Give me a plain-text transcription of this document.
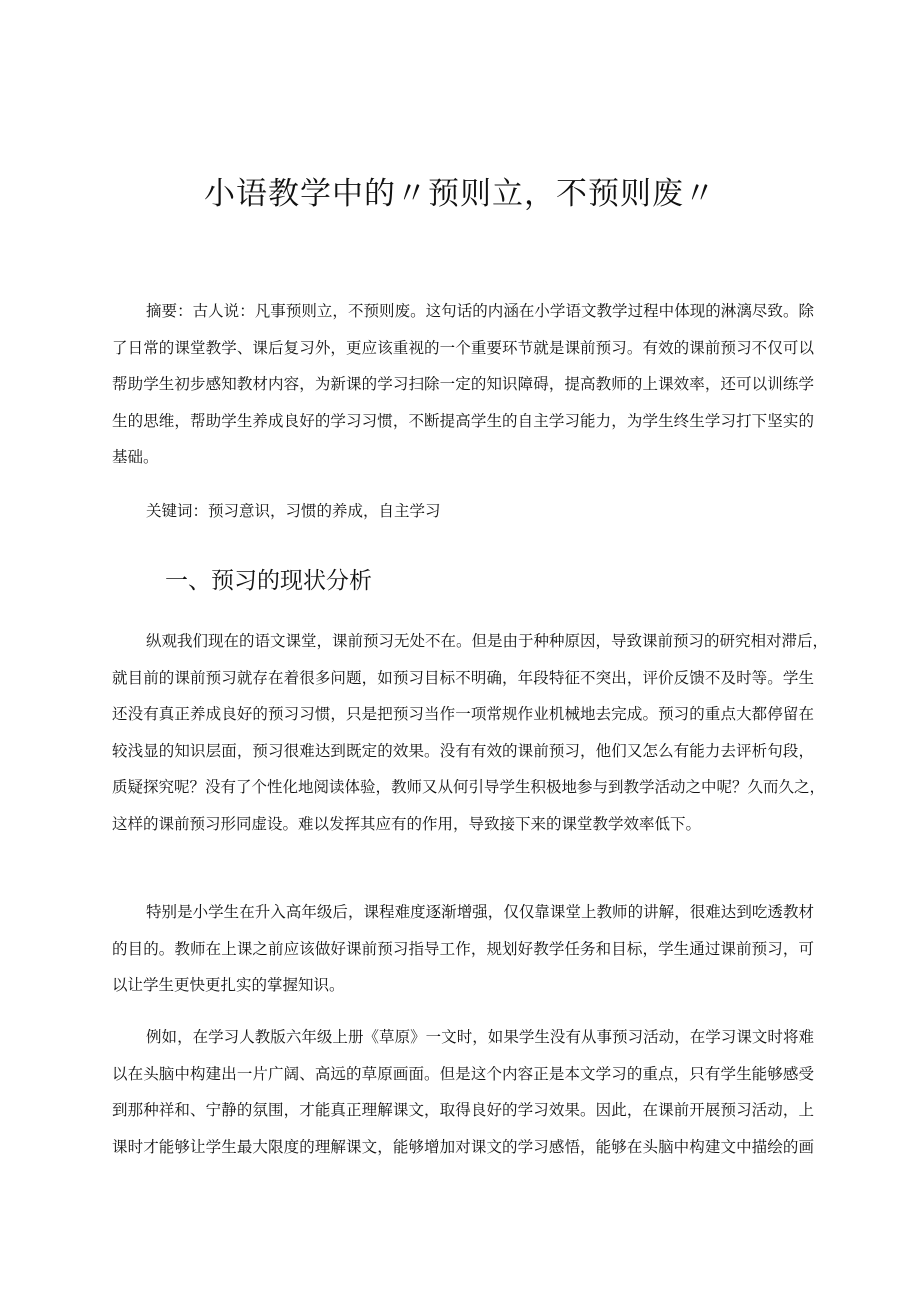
小语教学中的〃预则立，不预则废〃
摘要：古人说：凡事预则立，不预则废。这句话的内涵在小学语文教学过程中体现的淋漓尽致。除
了日常的课堂教学、课后复习外，更应该重视的一个重要环节就是课前预习。有效的课前预习不仅可以
帮助学生初步感知教材内容，为新课的学习扫除一定的知识障碍，提高教师的上课效率，还可以训练学
生的思维，帮助学生养成良好的学习习惯，不断提高学生的自主学习能力，为学生终生学习打下坚实的
基础。
关键词：预习意识，习惯的养成，自主学习
一、预习的现状分析
纵观我们现在的语文课堂，课前预习无处不在。但是由于种种原因，导致课前预习的研究相对滞后，
就目前的课前预习就存在着很多问题，如预习目标不明确，年段特征不突出，评价反馈不及时等。学生
还没有真正养成良好的预习习惯，只是把预习当作一项常规作业机械地去完成。预习的重点大都停留在
较浅显的知识层面，预习很难达到既定的效果。没有有效的课前预习，他们又怎么有能力去评析句段，
质疑探究呢？没有了个性化地阅读体验，教师又从何引导学生积极地参与到教学活动之中呢？久而久之，
这样的课前预习形同虚设。难以发挥其应有的作用，导致接下来的课堂教学效率低下。
特别是小学生在升入高年级后，课程难度逐渐增强，仅仅靠课堂上教师的讲解，很难达到吃透教材
的目的。教师在上课之前应该做好课前预习指导工作，规划好教学任务和目标，学生通过课前预习，可
以让学生更快更扎实的掌握知识。
例如，在学习人教版六年级上册《草原》一文时，如果学生没有从事预习活动，在学习课文时将难
以在头脑中构建出一片广阔、高远的草原画面。但是这个内容正是本文学习的重点，只有学生能够感受
到那种祥和、宁静的氛围，才能真正理解课文，取得良好的学习效果。因此，在课前开展预习活动，上
课时才能够让学生最大限度的理解课文，能够增加对课文的学习感悟，能够在头脑中构建文中描绘的画
